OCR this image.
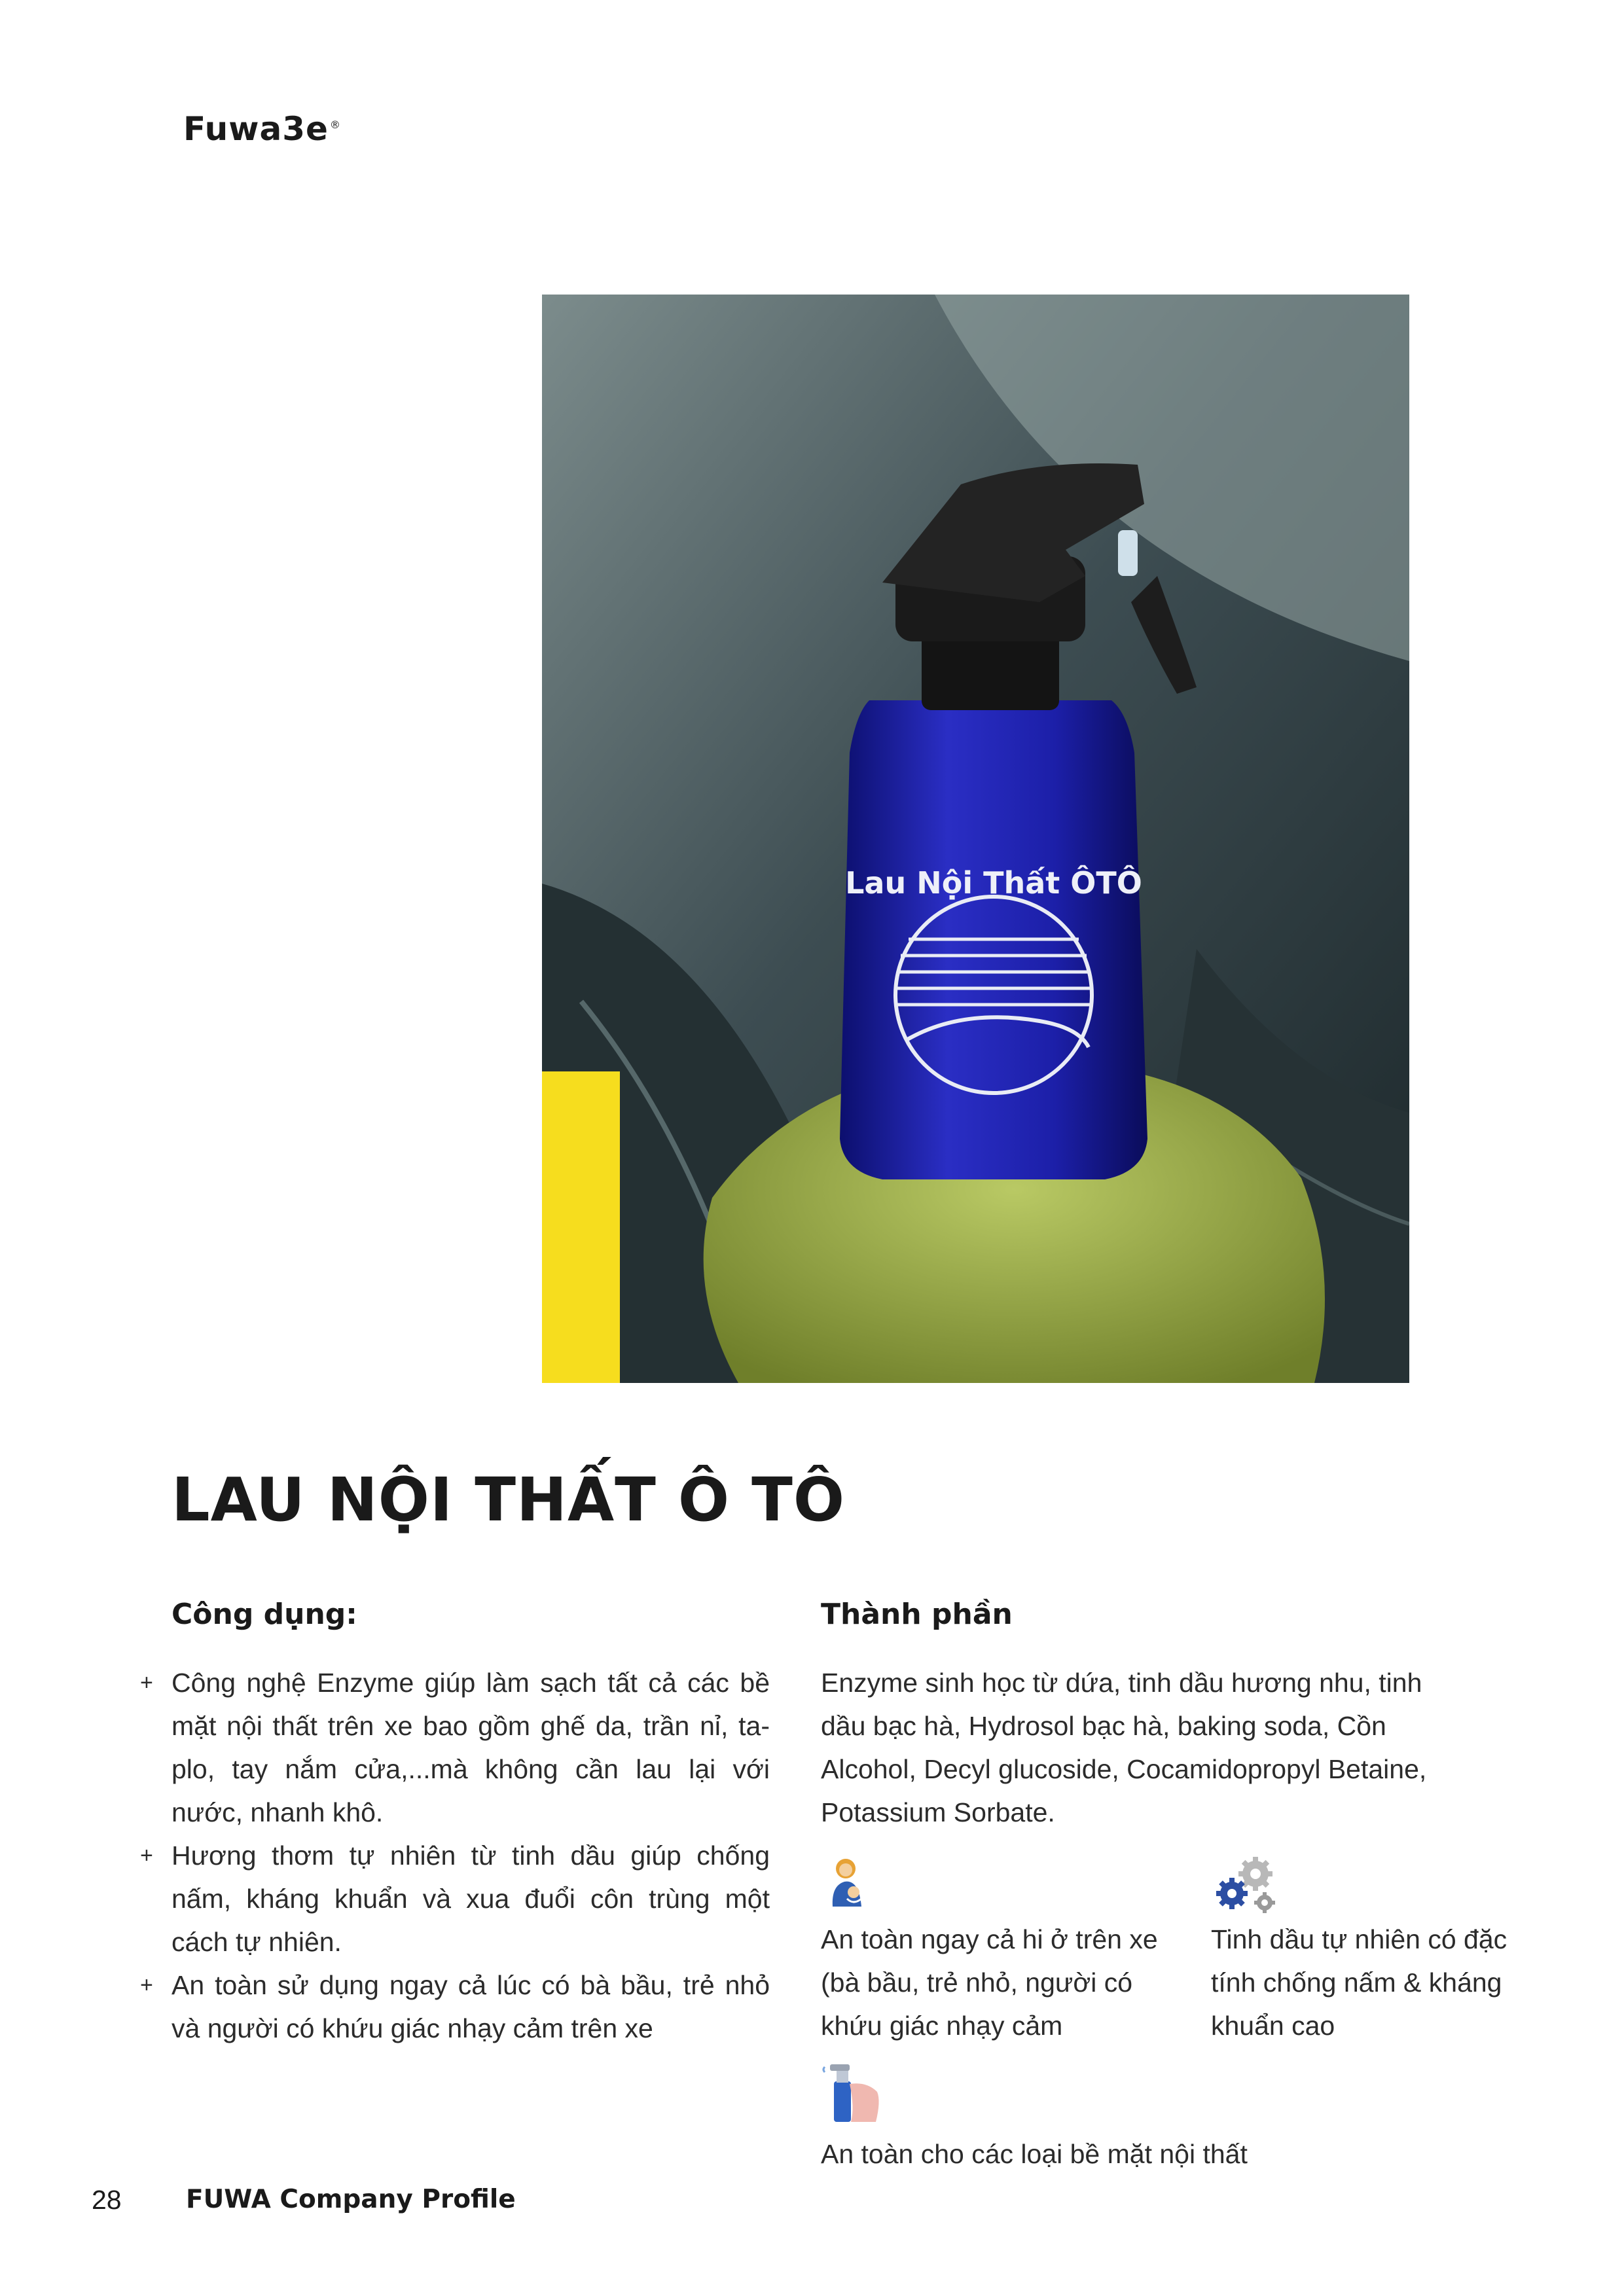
Fuwa3e ®
Lau Nội Thất ÔTÔ
LAU NỘI THẤT Ô TÔ
Công dụng:
+ Công nghệ Enzyme giúp làm sạch tất cả các bề mặt nội thất trên xe bao gồm ghế da, trần nỉ, ta-plo, tay nắm cửa,...mà không cần lau lại với nước, nhanh khô.
+ Hương thơm tự nhiên từ tinh dầu giúp chống nấm, kháng khuẩn và xua đuổi côn trùng một cách tự nhiên.
+ An toàn sử dụng ngay cả lúc có bà bầu, trẻ nhỏ và người có khứu giác nhạy cảm trên xe
Thành phần

Enzyme sinh học từ dứa, tinh dầu hương nhu, tinh dầu bạc hà, Hydrosol bạc hà, baking soda, Cồn Alcohol, Decyl glucoside, Cocamidopropyl Betaine, Potassium Sorbate.

An toàn ngay cả hi ở trên xe (bà bầu, trẻ nhỏ, người có khứu giác nhạy cảm

Tinh dầu tự nhiên có đặc tính chống nấm & kháng khuẩn cao

An toàn cho các loại bề mặt nội thất

28	FUWA Company Profile
